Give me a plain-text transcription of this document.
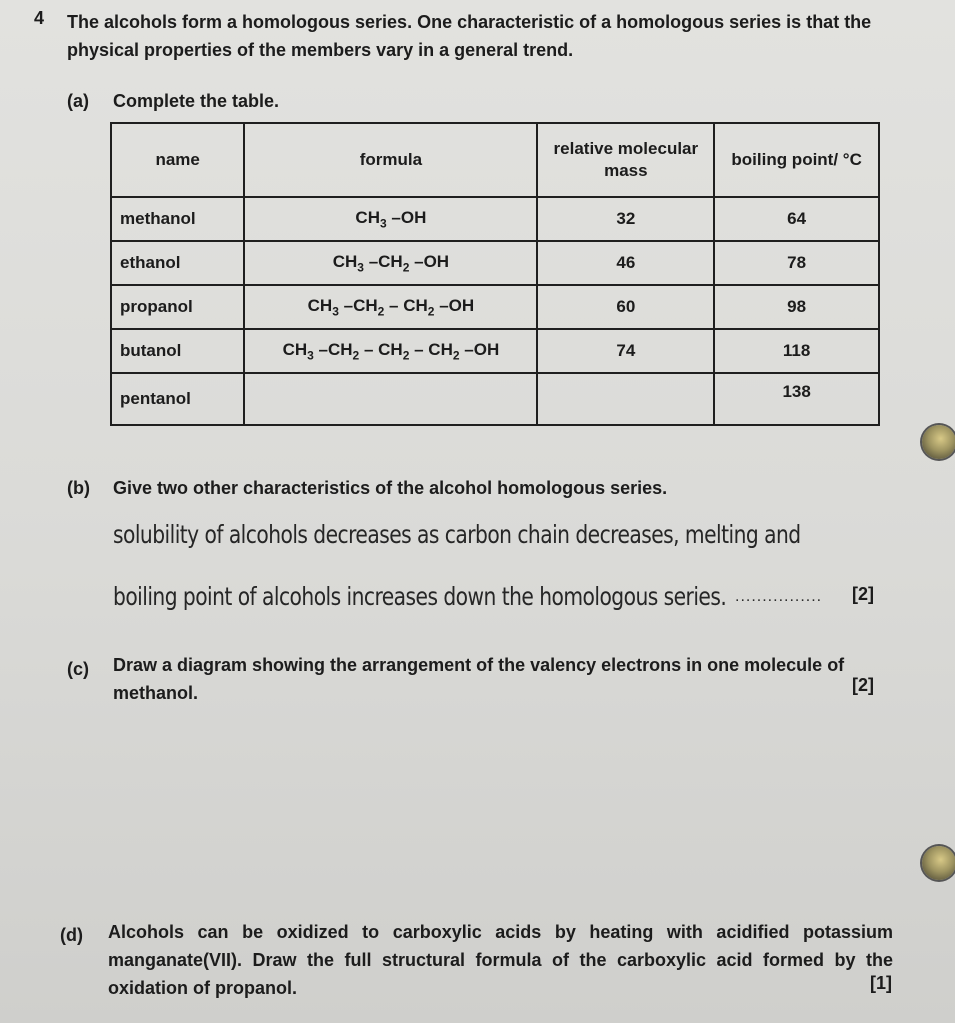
4 The alcohols form a homologous series. One characteristic of a homologous series is that the physical properties of the members vary in a general trend.
(a) Complete the table.
name	formula	relative molecular mass	boiling point/ °C
methanol	$CH_3$ –OH	32	64
ethanol	$CH_3$ $-CH_2$ –OH	46	78
propanol	$CH_3$ $-CH_2 - CH_2$ –OH	60	98
butanol	$CH_3$ $-CH_2 - CH_2 - CH_2$ –OH	74	118
pentanol			138
(b) Give two other characteristics of the alcohol homologous series.
solubility of alcohols decreases as carbon chain decreases, melting and
boiling point of alcohols increases down the homologous series. ................ [2]
(c) Draw a diagram showing the arrangement of the valency electrons in one molecule of methanol.	[2]
(d) Alcohols can be oxidized to carboxylic acids by heating with acidified potassium manganate(VII). Draw the full structural formula of the carboxylic acid formed by the oxidation of propanol.	[1]
